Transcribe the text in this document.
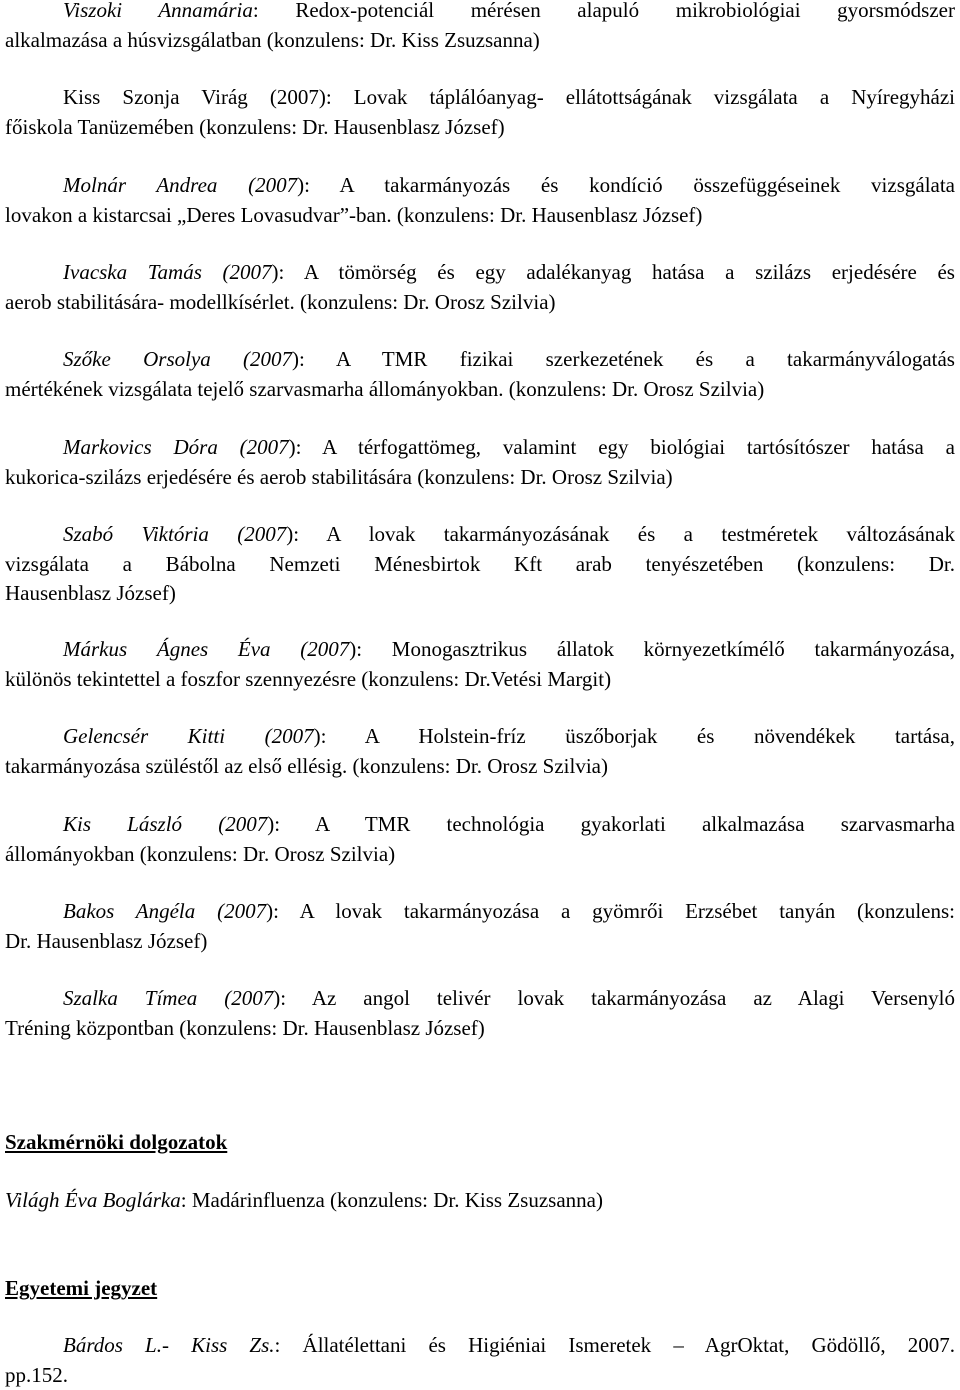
Viszoki Annamária: Redox-potenciál mérésen alapuló mikrobiológiai gyorsmódszer
alkalmazása a húsvizsgálatban (konzulens: Dr. Kiss Zsuzsanna)
Kiss Szonja Virág (2007): Lovak táplálóanyag- ellátottságának vizsgálata a Nyíregyházi
főiskola Tanüzemében (konzulens: Dr. Hausenblasz József)
Molnár Andrea (2007): A takarmányozás és kondíció összefüggéseinek vizsgálata
lovakon a kistarcsai „Deres Lovasudvar”-ban. (konzulens: Dr. Hausenblasz József)
Ivacska Tamás (2007): A tömörség és egy adalékanyag hatása a szilázs erjedésére és
aerob stabilitására- modellkísérlet. (konzulens: Dr. Orosz Szilvia)
Szőke Orsolya (2007): A TMR fizikai szerkezetének és a takarmányválogatás
mértékének vizsgálata tejelő szarvasmarha állományokban. (konzulens: Dr. Orosz Szilvia)
Markovics Dóra (2007): A térfogattömeg, valamint egy biológiai tartósítószer hatása a
kukorica-szilázs erjedésére és aerob stabilitására (konzulens: Dr. Orosz Szilvia)
Szabó Viktória (2007): A lovak takarmányozásának és a testméretek változásának
vizsgálata a Bábolna Nemzeti Ménesbirtok Kft arab tenyészetében (konzulens: Dr.
Hausenblasz József)
Márkus Ágnes Éva (2007): Monogasztrikus állatok környezetkímélő takarmányozása,
különös tekintettel a foszfor szennyezésre (konzulens: Dr.Vetési Margit)
Gelencsér Kitti (2007): A Holstein-fríz üszőborjak és növendékek tartása,
takarmányozása szüléstől az első ellésig. (konzulens: Dr. Orosz Szilvia)
Kis László (2007): A TMR technológia gyakorlati alkalmazása szarvasmarha
állományokban (konzulens: Dr. Orosz Szilvia)
Bakos Angéla (2007): A lovak takarmányozása a gyömrői Erzsébet tanyán (konzulens:
Dr. Hausenblasz József)
Szalka Tímea (2007): Az angol telivér lovak takarmányozása az Alagi Versenyló
Tréning központban (konzulens: Dr. Hausenblasz József)
Szakmérnöki dolgozatok
Világh Éva Boglárka: Madárinfluenza (konzulens: Dr. Kiss Zsuzsanna)
Egyetemi jegyzet
Bárdos L.- Kiss Zs.: Állatélettani és Higiéniai Ismeretek – AgrOktat, Gödöllő, 2007.
pp.152.
